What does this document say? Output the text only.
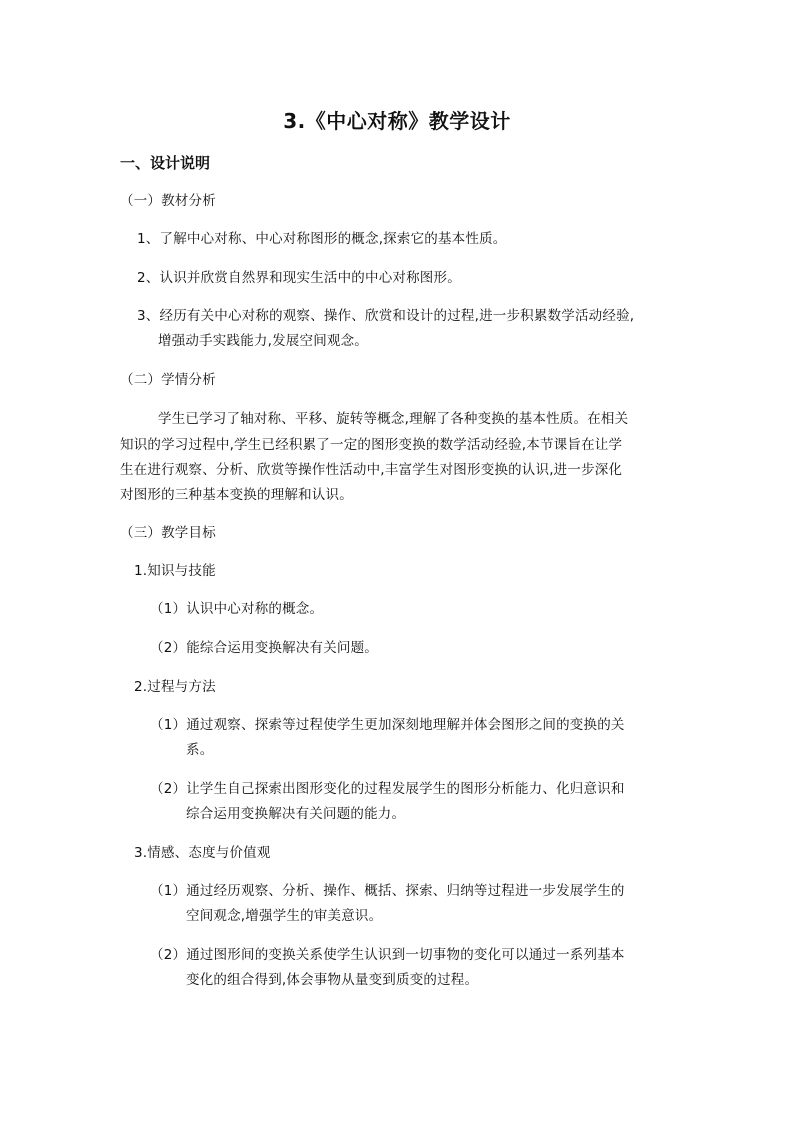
3.《中心对称》教学设计
一、设计说明
（一）教材分析
1、了解中心对称、中心对称图形的概念,探索它的基本性质。
2、认识并欣赏自然界和现实生活中的中心对称图形。
3、经历有关中心对称的观察、操作、欣赏和设计的过程,进一步积累数学活动经验,
增强动手实践能力,发展空间观念。
（二）学情分析
学生已学习了轴对称、平移、旋转等概念,理解了各种变换的基本性质。在相关
知识的学习过程中,学生已经积累了一定的图形变换的数学活动经验,本节课旨在让学
生在进行观察、分析、欣赏等操作性活动中,丰富学生对图形变换的认识,进一步深化
对图形的三种基本变换的理解和认识。
（三）教学目标
1.知识与技能
（1）认识中心对称的概念。
（2）能综合运用变换解决有关问题。
2.过程与方法
（1）通过观察、探索等过程使学生更加深刻地理解并体会图形之间的变换的关
系。
（2）让学生自己探索出图形变化的过程发展学生的图形分析能力、化归意识和
综合运用变换解决有关问题的能力。
3.情感、态度与价值观
（1）通过经历观察、分析、操作、概括、探索、归纳等过程进一步发展学生的
空间观念,增强学生的审美意识。
（2）通过图形间的变换关系使学生认识到一切事物的变化可以通过一系列基本
变化的组合得到,体会事物从量变到质变的过程。
